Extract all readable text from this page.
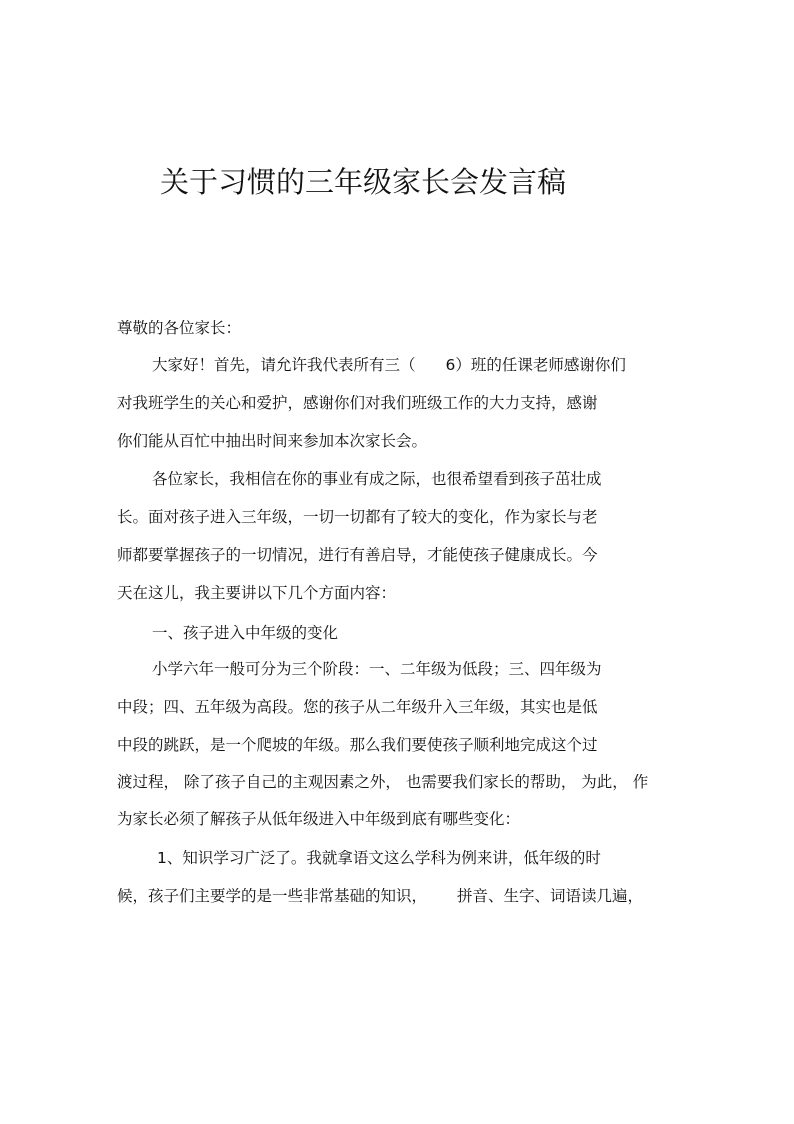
关于习惯的三年级家长会发言稿
尊敬的各位家长：
大家好！首先，请允许我代表所有三（ 6）班的任课老师感谢你们
对我班学生的关心和爱护，感谢你们对我们班级工作的大力支持，感谢
你们能从百忙中抽出时间来参加本次家长会。
各位家长，我相信在你的事业有成之际，也很希望看到孩子茁壮成
长。面对孩子进入三年级，一切一切都有了较大的变化，作为家长与老
师都要掌握孩子的一切情况，进行有善启导，才能使孩子健康成长。今
天在这儿，我主要讲以下几个方面内容：
一、孩子进入中年级的变化
小学六年一般可分为三个阶段：一、二年级为低段；三、四年级为
中段；四、五年级为高段。您的孩子从二年级升入三年级，其实也是低
中段的跳跃，是一个爬坡的年级。那么我们要使孩子顺利地完成这个过
渡过程， 除了孩子自己的主观因素之外， 也需要我们家长的帮助， 为此， 作
为家长必须了解孩子从低年级进入中年级到底有哪些变化：
1、知识学习广泛了。我就拿语文这么学科为例来讲，低年级的时
候，孩子们主要学的是一些非常基础的知识， 拼音、生字、词语读几遍，
